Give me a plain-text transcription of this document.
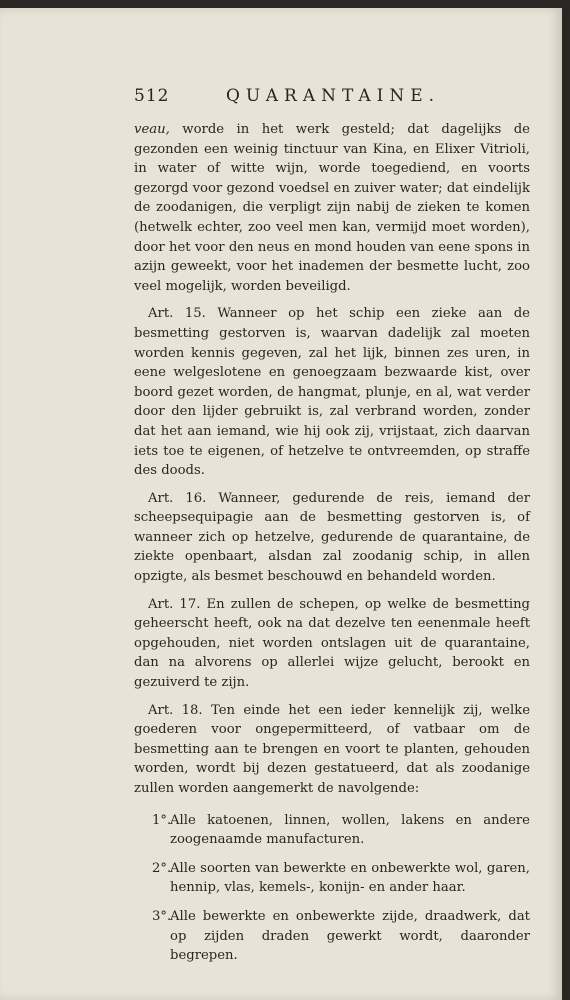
512	QUARANTAINE.

veau, worde in het werk gesteld; dat dagelijks de gezonden een weinig tinctuur van Kina, en Elixer Vitrioli, in water of witte wijn, worde toegediend, en voorts gezorgd voor gezond voedsel en zuiver water; dat eindelijk de zoodanigen, die verpligt zijn nabij de zieken te komen (hetwelk echter, zoo veel men kan, vermijd moet worden), door het voor den neus en mond houden van eene spons in azijn geweekt, voor het inademen der besmette lucht, zoo veel mogelijk, worden beveiligd.

Art. 15. Wanneer op het schip een zieke aan de besmetting gestorven is, waarvan dadelijk zal moeten worden kennis gegeven, zal het lijk, binnen zes uren, in eene welgeslotene en genoegzaam bezwaarde kist, over boord gezet worden, de hangmat, plunje, en al, wat verder door den lijder gebruikt is, zal verbrand worden, zonder dat het aan iemand, wie hij ook zij, vrijstaat, zich daarvan iets toe te eigenen, of hetzelve te ontvreemden, op straffe des doods.

Art. 16. Wanneer, gedurende de reis, iemand der scheepsequipagie aan de besmetting gestorven is, of wanneer zich op hetzelve, gedurende de quarantaine, de ziekte openbaart, alsdan zal zoodanig schip, in allen opzigte, als besmet beschouwd en behandeld worden.

Art. 17. En zullen de schepen, op welke de besmetting geheerscht heeft, ook na dat dezelve ten eenenmale heeft opgehouden, niet worden ontslagen uit de quarantaine, dan na alvorens op allerlei wijze gelucht, berookt en gezuiverd te zijn.

Art. 18. Ten einde het een ieder kennelijk zij, welke goederen voor ongepermitteerd, of vatbaar om de besmetting aan te brengen en voort te planten, gehouden worden, wordt bij dezen gestatueerd, dat als zoodanige zullen worden aangemerkt de navolgende:

1°.
Alle katoenen, linnen, wollen, lakens en andere zoogenaamde manufacturen.
2°.
Alle soorten van bewerkte en onbewerkte wol, garen, hennip, vlas, kemels-, konijn- en ander haar.
3°.
Alle bewerkte en onbewerkte zijde, draadwerk, dat op zijden draden gewerkt wordt, daaronder begrepen.
